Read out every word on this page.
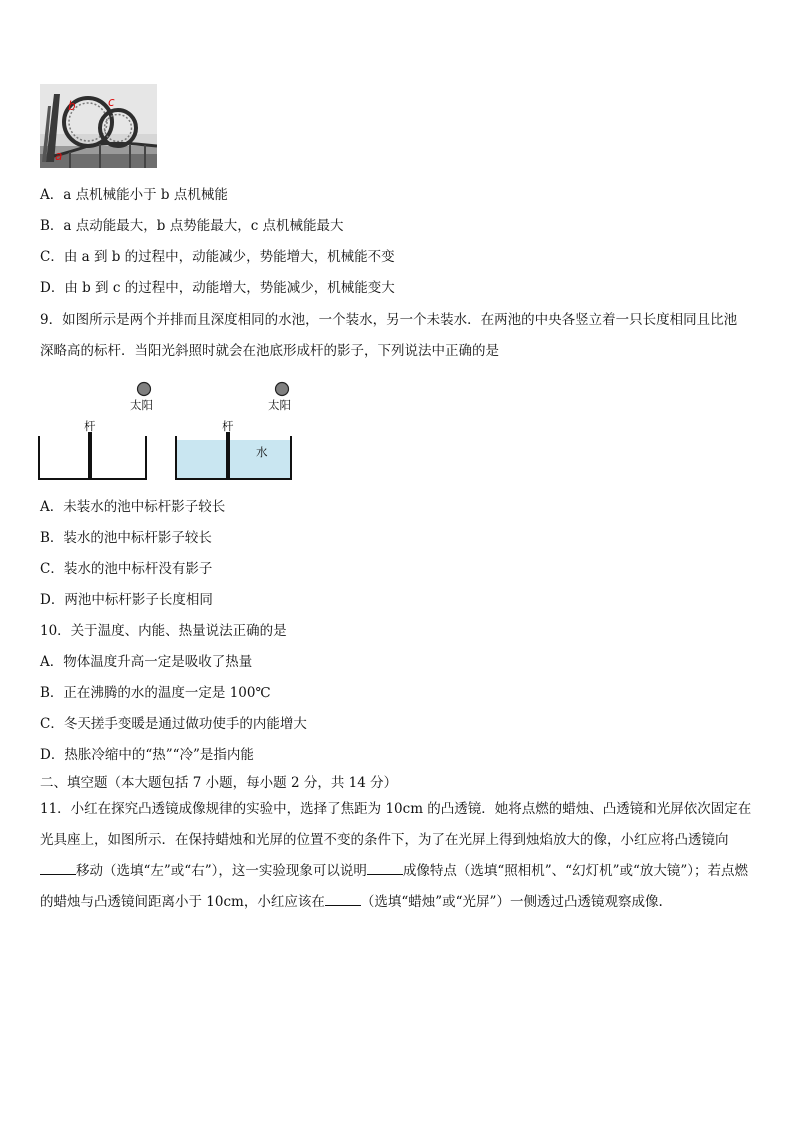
b	c
a
A．a 点机械能小于 b 点机械能
B．a 点动能最大，b 点势能最大，c 点机械能最大
C．由 a 到 b 的过程中，动能减少，势能增大，机械能不变
D．由 b 到 c 的过程中，动能增大，势能减少，机械能变大
9．如图所示是两个并排而且深度相同的水池，一个装水，另一个未装水．在两池的中央各竖立着一只长度相同且比池
深略高的标杆．当阳光斜照时就会在池底形成杆的影子，下列说法中正确的是
太阳	太阳
杆	杆
水
A．未装水的池中标杆影子较长
B．装水的池中标杆影子较长
C．装水的池中标杆没有影子
D．两池中标杆影子长度相同
10．关于温度、内能、热量说法正确的是
A．物体温度升高一定是吸收了热量
B．正在沸腾的水的温度一定是 100℃
C．冬天搓手变暖是通过做功使手的内能增大
D．热胀冷缩中的“热”“冷”是指内能
二、填空题（本大题包括 7 小题，每小题 2 分，共 14 分）
11．小红在探究凸透镜成像规律的实验中，选择了焦距为 10cm 的凸透镜．她将点燃的蜡烛、凸透镜和光屏依次固定在光具座上，如图所示．在保持蜡烛和光屏的位置不变的条件下，为了在光屏上得到烛焰放大的像，小红应将凸透镜向移动（选填“左”或“右”），这一实验现象可以说明	成像特点（选填“照相机”、“幻灯机”或“放大镜”）；若点燃的蜡烛与凸透镜间距离小于 10cm，小红应该在	（选填“蜡烛”或“光屏”）一侧透过凸透镜观察成像.
